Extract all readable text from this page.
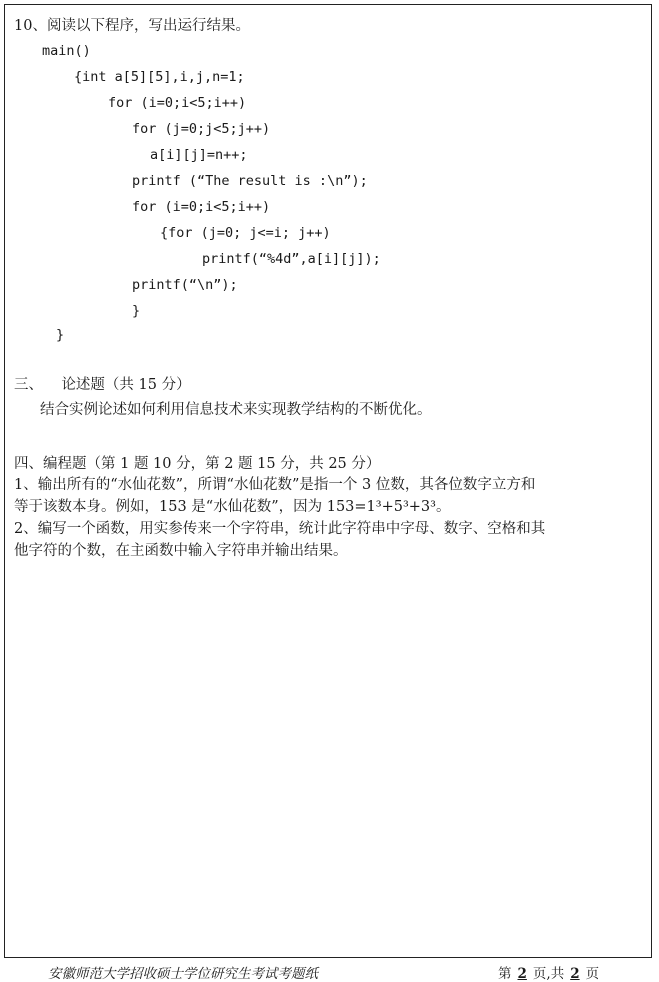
10、阅读以下程序，写出运行结果。
main()
{int a[5][5],i,j,n=1;
for (i=0;i<5;i++)
for (j=0;j<5;j++)
a[i][j]=n++;
printf (“The result is :\n”);
for (i=0;i<5;i++)
{for (j=0; j<=i; j++)
printf(“%4d”,a[i][j]);
printf(“\n”);
}
}
三、    论述题（共 15 分）
结合实例论述如何利用信息技术来实现教学结构的不断优化。
四、编程题（第 1 题 10 分，第 2 题 15 分，共 25 分）
1、输出所有的“水仙花数”，所谓“水仙花数”是指一个 3 位数，其各位数字立方和
等于该数本身。例如，153 是“水仙花数”，因为 153=1³+5³+3³。
2、编写一个函数，用实参传来一个字符串，统计此字符串中字母、数字、空格和其
他字符的个数，在主函数中输入字符串并输出结果。
安徽师范大学招收硕士学位研究生考试考题纸	第 2 页,共 2 页
